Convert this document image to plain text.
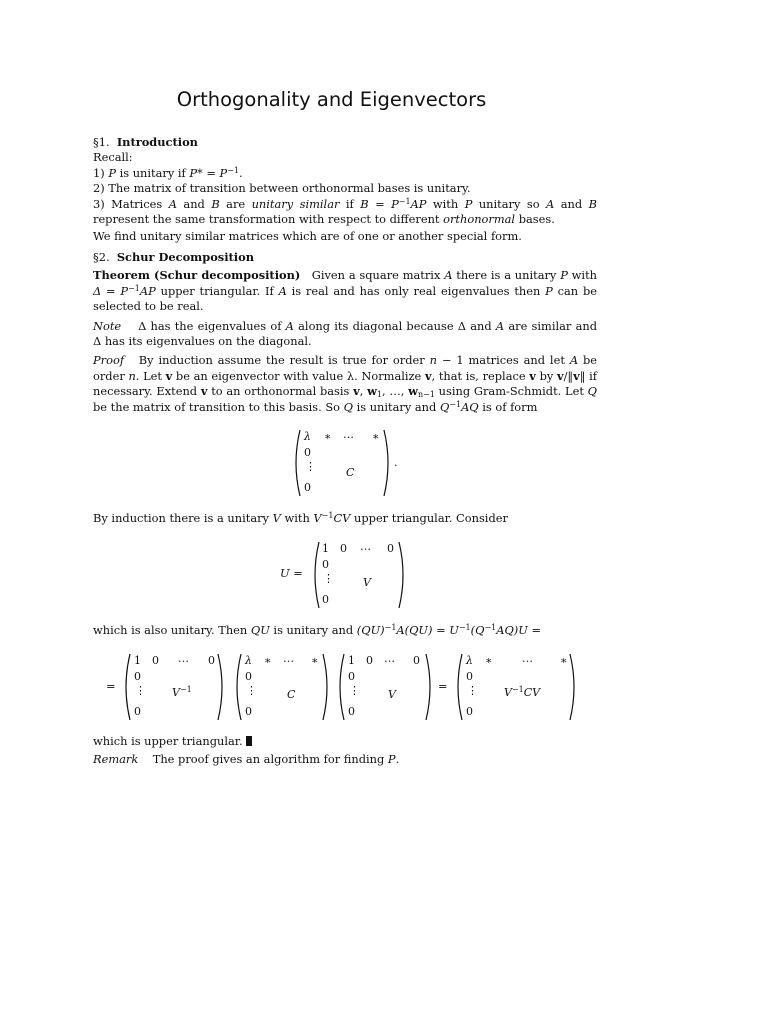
Orthogonality and Eigenvectors

§1. Introduction

Recall:

1) P is unitary if $P* = P^{-1}$.

2) The matrix of transition between orthonormal bases is unitary.

3) Matrices A and B are unitary similar if $B = P^{-1}AP$ with P unitary so A and B represent the same transformation with respect to different orthonormal bases.

We find unitary similar matrices which are of one or another special form.

§2. Schur Decomposition

Theorem (Schur decomposition) Given a square matrix A there is a unitary P with $\Delta = P^{-1}AP$ upper triangular. If A is real and has only real eigenvalues then P can be selected to be real.

Note Δ has the eigenvalues of A along its diagonal because Δ and A are similar and Δ has its eigenvalues on the diagonal.

Proof By induction assume the result is true for order n − 1 matrices and let A be order n. Let v be an eigenvector with value λ. Normalize v, that is, replace v by v/‖v‖ if necessary. Extend v to an orthonormal basis v, $w_1$, …, $w_{n-1}$ using Gram-Schmidt. Let Q be the matrix of transition to this basis. So Q is unitary and $Q^{-1}AQ$ is of form

λ ∗ … ∗
0
⋮
0
C
.

By induction there is a unitary V with $V^{-1}CV$ upper triangular. Consider

U =
1 0 … 0
0
⋮
0
V

which is also unitary. Then QU is unitary and $(QU)^{-1}A(QU) = U^{-1}(Q^{-1}AQ)U$ =

=
1 0 … 0
0
⋮
0
$V^{-1}$
λ ∗ … ∗
0
⋮
0
C
1 0 … 0
0
⋮
0
V
=
λ ∗	… ∗
0
⋮
0
$V^{-1}CV$

which is upper triangular.

Remark The proof gives an algorithm for finding P.
